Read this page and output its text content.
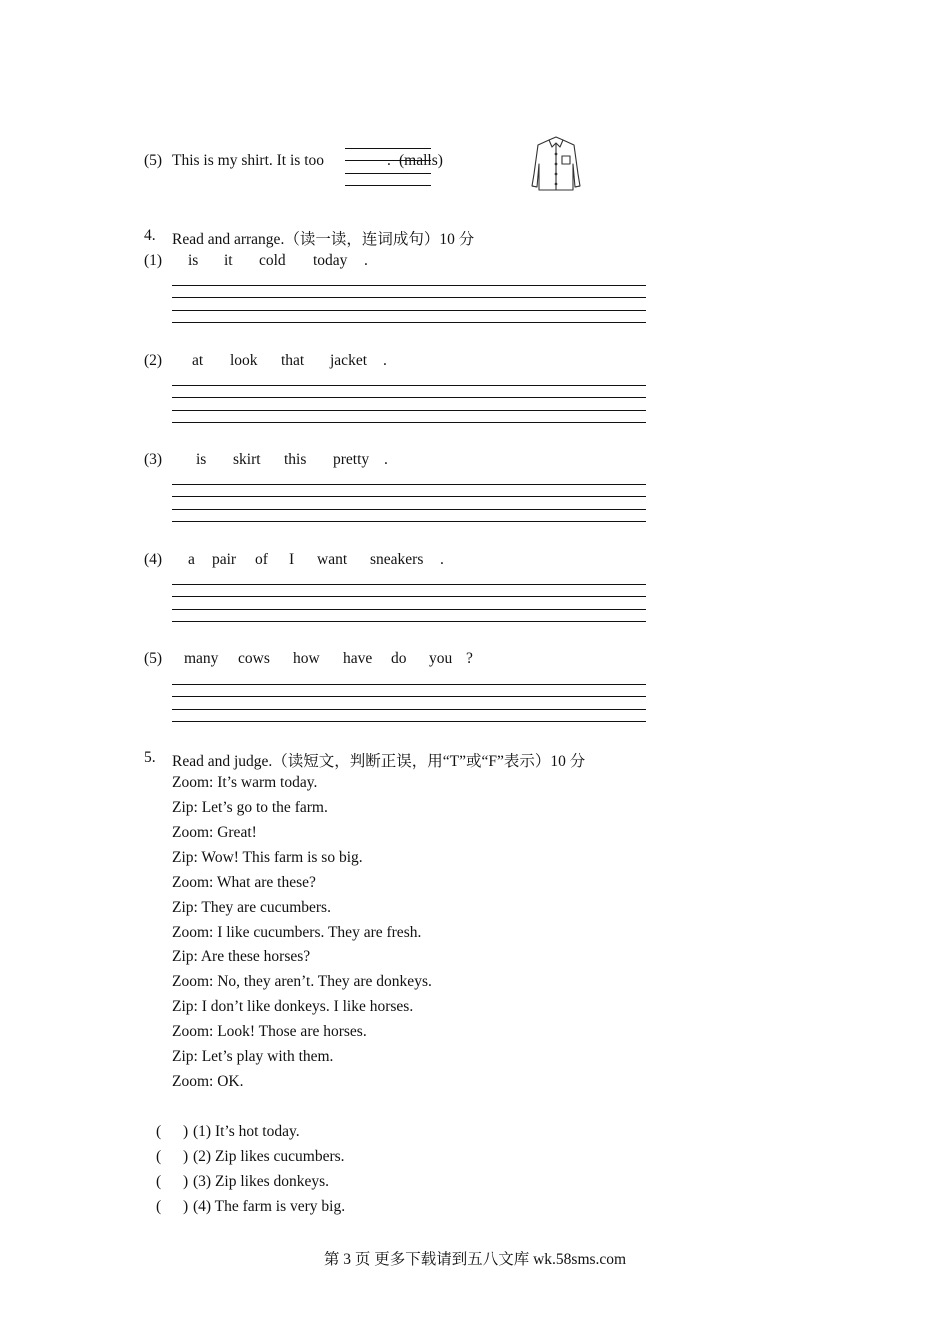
(5) This is my shirt. It is too	. (malls)
4. Read and arrange.（读一读，连词成句）10 分
(1) is it cold today .
(2) at look that jacket .
(3) is skirt this pretty .
(4) a pair of I want sneakers .
(5) many cows how have do you ?
5. Read and judge.（读短文，判断正误，用“T”或“F”表示）10 分
Zoom: It’s warm today.
Zip: Let’s go to the farm.
Zoom: Great!
Zip: Wow! This farm is so big.
Zoom: What are these?
Zip: They are cucumbers.
Zoom: I like cucumbers. They are fresh.
Zip: Are these horses?
Zoom: No, they aren’t. They are donkeys.
Zip: I don’t like donkeys. I like horses.
Zoom: Look! Those are horses.
Zip: Let’s play with them.
Zoom: OK.
( ) (1) It’s hot today.
( ) (2) Zip likes cucumbers.
( ) (3) Zip likes donkeys.
( ) (4) The farm is very big.
第 3 页 更多下载请到五八文库 wk.58sms.com
